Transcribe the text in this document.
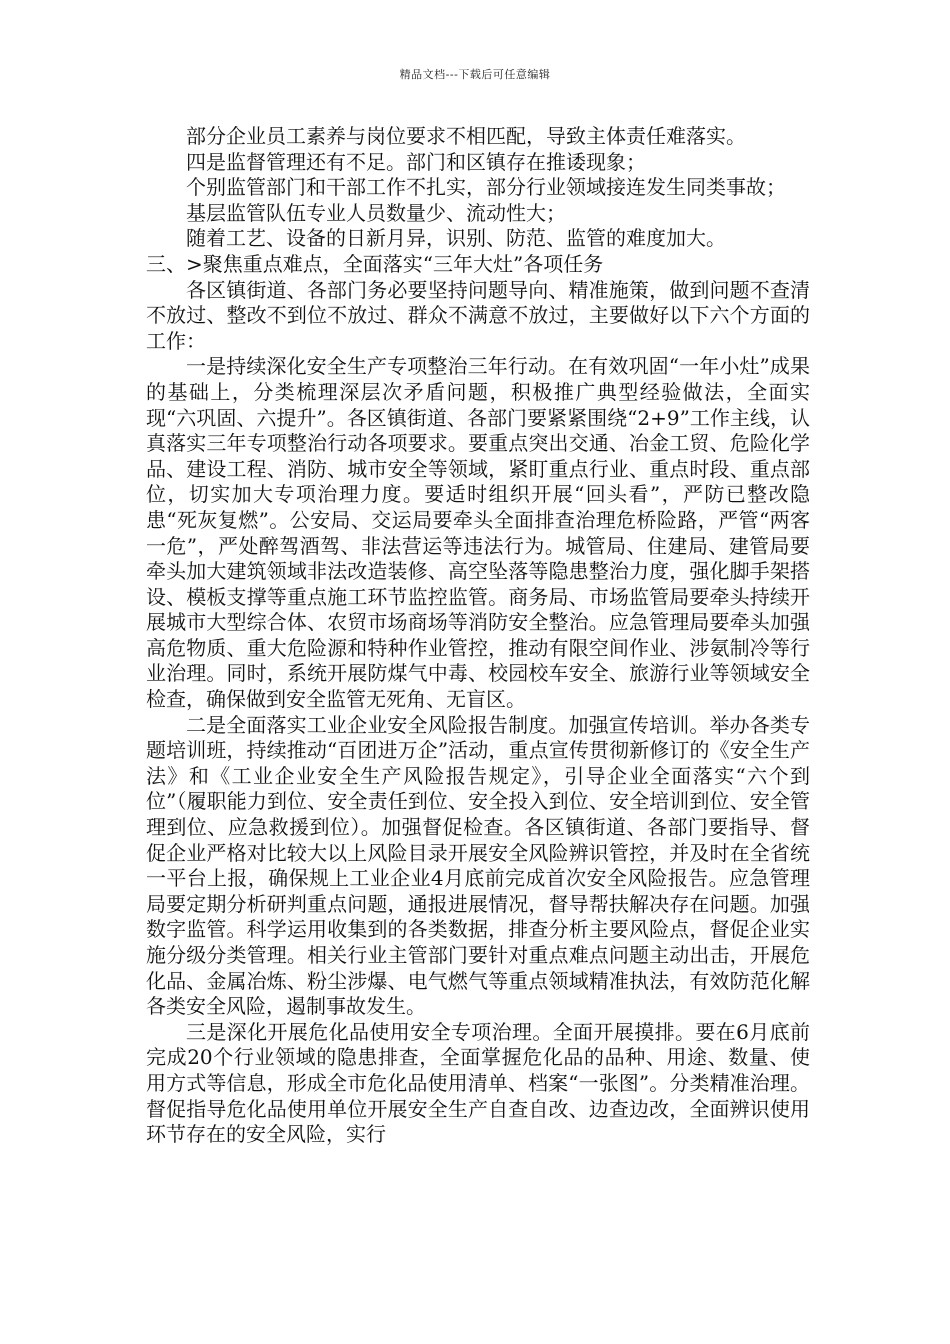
精品文档---下载后可任意编辑

部分企业员工素养与岗位要求不相匹配，导致主体责任难落实。

四是监督管理还有不足。部门和区镇存在推诿现象；

个别监管部门和干部工作不扎实，部分行业领域接连发生同类事故；

基层监管队伍专业人员数量少、流动性大；

随着工艺、设备的日新月异，识别、防范、监管的难度加大。

三、>聚焦重点难点，全面落实“三年大灶”各项任务

各区镇街道、各部门务必要坚持问题导向、精准施策，做到问题不查清不放过、整改不到位不放过、群众不满意不放过，主要做好以下六个方面的工作：

一是持续深化安全生产专项整治三年行动。在有效巩固“一年小灶”成果的基础上，分类梳理深层次矛盾问题，积极推广典型经验做法，全面实现“六巩固、六提升”。各区镇街道、各部门要紧紧围绕“2+9”工作主线，认真落实三年专项整治行动各项要求。要重点突出交通、冶金工贸、危险化学品、建设工程、消防、城市安全等领域，紧盯重点行业、重点时段、重点部位，切实加大专项治理力度。要适时组织开展“回头看”，严防已整改隐患“死灰复燃”。公安局、交运局要牵头全面排查治理危桥险路，严管“两客一危”，严处醉驾酒驾、非法营运等违法行为。城管局、住建局、建管局要牵头加大建筑领域非法改造装修、高空坠落等隐患整治力度，强化脚手架搭设、模板支撑等重点施工环节监控监管。商务局、市场监管局要牵头持续开展城市大型综合体、农贸市场商场等消防安全整治。应急管理局要牵头加强高危物质、重大危险源和特种作业管控，推动有限空间作业、涉氨制冷等行业治理。同时，系统开展防煤气中毒、校园校车安全、旅游行业等领域安全检查，确保做到安全监管无死角、无盲区。

二是全面落实工业企业安全风险报告制度。加强宣传培训。举办各类专题培训班，持续推动“百团进万企”活动，重点宣传贯彻新修订的《安全生产法》和《工业企业安全生产风险报告规定》，引导企业全面落实“六个到位”（履职能力到位、安全责任到位、安全投入到位、安全培训到位、安全管理到位、应急救援到位）。加强督促检查。各区镇街道、各部门要指导、督促企业严格对比较大以上风险目录开展安全风险辨识管控，并及时在全省统一平台上报，确保规上工业企业4月底前完成首次安全风险报告。应急管理局要定期分析研判重点问题，通报进展情况，督导帮扶解决存在问题。加强数字监管。科学运用收集到的各类数据，排查分析主要风险点，督促企业实施分级分类管理。相关行业主管部门要针对重点难点问题主动出击，开展危化品、金属冶炼、粉尘涉爆、电气燃气等重点领域精准执法，有效防范化解各类安全风险，遏制事故发生。

三是深化开展危化品使用安全专项治理。全面开展摸排。要在6月底前完成20个行业领域的隐患排查，全面掌握危化品的品种、用途、数量、使用方式等信息，形成全市危化品使用清单、档案“一张图”。分类精准治理。督促指导危化品使用单位开展安全生产自查自改、边查边改，全面辨识使用环节存在的安全风险，实行
